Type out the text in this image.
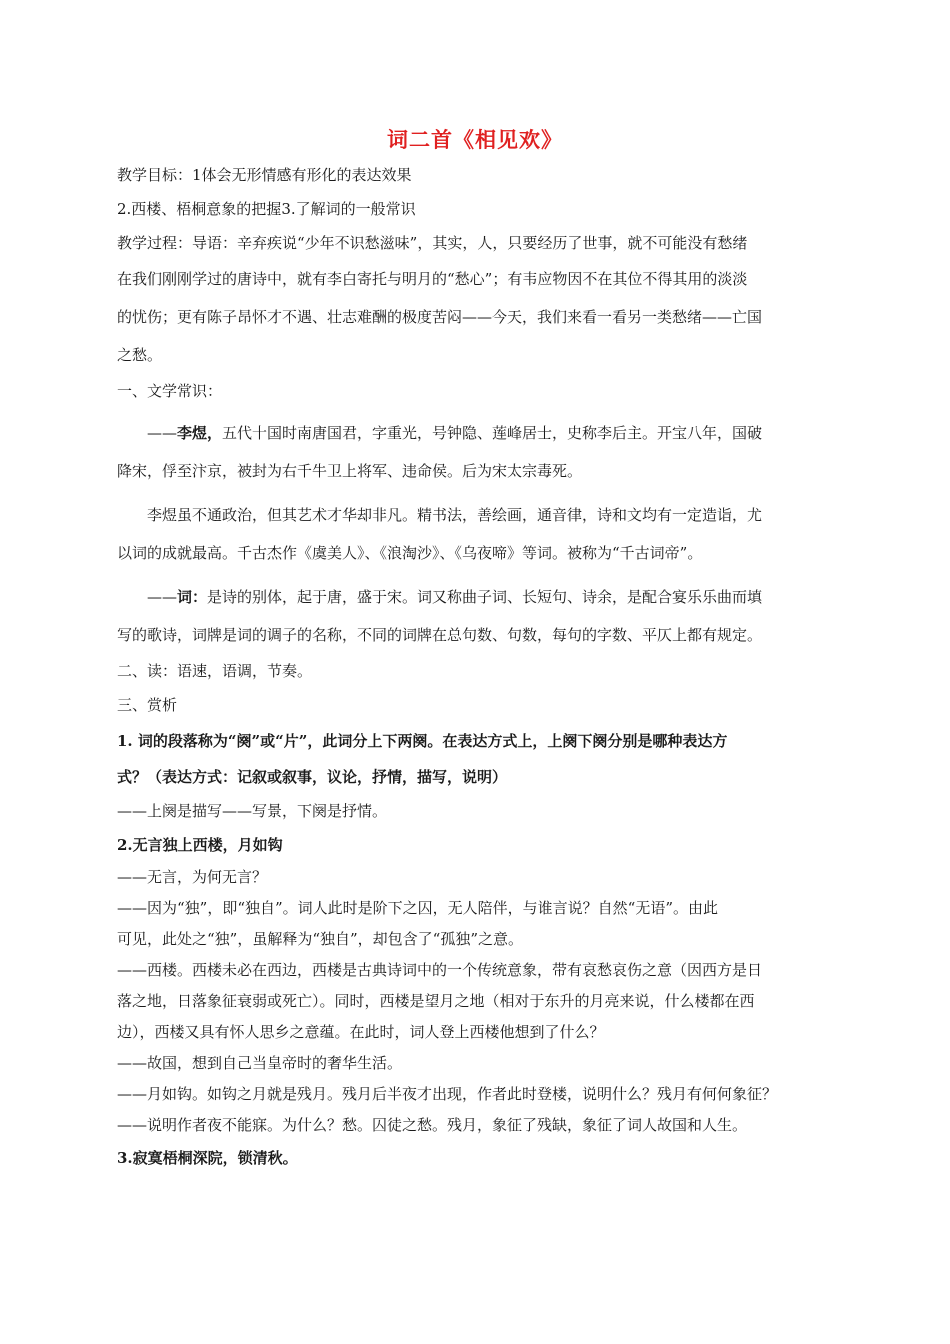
词二首《相见欢》
教学目标：1体会无形情感有形化的表达效果
2.西楼、梧桐意象的把握3.了解词的一般常识
教学过程：导语：辛弃疾说“少年不识愁滋味”，其实，人，只要经历了世事，就不可能没有愁绪
在我们刚刚学过的唐诗中，就有李白寄托与明月的“愁心”；有韦应物因不在其位不得其用的淡淡
的忧伤；更有陈子昂怀才不遇、壮志难酬的极度苦闷——今天，我们来看一看另一类愁绪——亡国
之愁。
一、文学常识：
——李煜，五代十国时南唐国君，字重光，号钟隐、莲峰居士，史称李后主。开宝八年，国破
降宋，俘至汴京，被封为右千牛卫上将军、违命侯。后为宋太宗毒死。
李煜虽不通政治，但其艺术才华却非凡。精书法，善绘画，通音律，诗和文均有一定造诣，尤
以词的成就最高。千古杰作《虞美人》、《浪淘沙》、《乌夜啼》等词。被称为“千古词帝”。
——词：是诗的别体，起于唐，盛于宋。词又称曲子词、长短句、诗余，是配合宴乐乐曲而填
写的歌诗，词牌是词的调子的名称，不同的词牌在总句数、句数，每句的字数、平仄上都有规定。
二、读：语速，语调，节奏。
三、赏析
1. 词的段落称为“阕”或“片”，此词分上下两阕。在表达方式上，上阕下阕分别是哪种表达方
式？（表达方式：记叙或叙事，议论，抒情，描写，说明）
——上阕是描写——写景，下阕是抒情。
2.无言独上西楼，月如钩
——无言，为何无言？
——因为“独”，即“独自”。词人此时是阶下之囚，无人陪伴，与谁言说？自然“无语”。由此
可见，此处之“独”，虽解释为“独自”，却包含了“孤独”之意。
——西楼。西楼未必在西边，西楼是古典诗词中的一个传统意象，带有哀愁哀伤之意（因西方是日
落之地，日落象征衰弱或死亡）。同时，西楼是望月之地（相对于东升的月亮来说，什么楼都在西
边），西楼又具有怀人思乡之意蕴。在此时，词人登上西楼他想到了什么？
——故国，想到自己当皇帝时的奢华生活。
——月如钩。如钩之月就是残月。残月后半夜才出现，作者此时登楼，说明什么？残月有何何象征？
——说明作者夜不能寐。为什么？愁。囚徒之愁。残月，象征了残缺，象征了词人故国和人生。
3.寂寞梧桐深院，锁清秋。
